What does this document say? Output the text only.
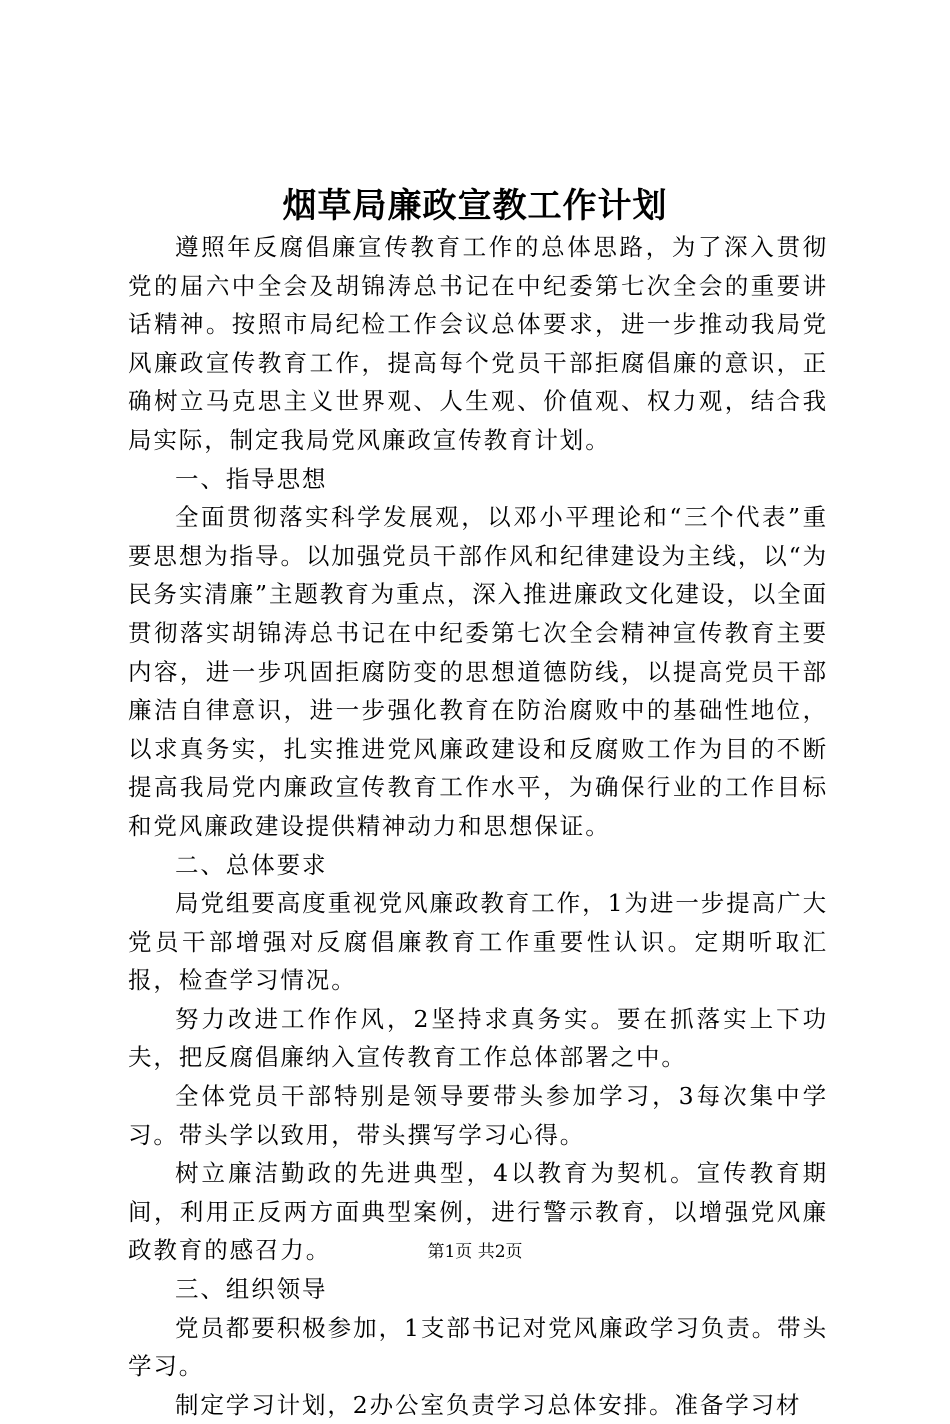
烟草局廉政宣教工作计划

遵照年反腐倡廉宣传教育工作的总体思路，为了深入贯彻党的届六中全会及胡锦涛总书记在中纪委第七次全会的重要讲话精神。按照市局纪检工作会议总体要求，进一步推动我局党风廉政宣传教育工作，提高每个党员干部拒腐倡廉的意识，正确树立马克思主义世界观、人生观、价值观、权力观，结合我局实际，制定我局党风廉政宣传教育计划。

一、指导思想

全面贯彻落实科学发展观，以邓小平理论和“三个代表”重要思想为指导。以加强党员干部作风和纪律建设为主线，以“为民务实清廉”主题教育为重点，深入推进廉政文化建设，以全面贯彻落实胡锦涛总书记在中纪委第七次全会精神宣传教育主要内容，进一步巩固拒腐防变的思想道德防线，以提高党员干部廉洁自律意识，进一步强化教育在防治腐败中的基础性地位，以求真务实，扎实推进党风廉政建设和反腐败工作为目的不断提高我局党内廉政宣传教育工作水平，为确保行业的工作目标和党风廉政建设提供精神动力和思想保证。

二、总体要求

局党组要高度重视党风廉政教育工作，1为进一步提高广大党员干部增强对反腐倡廉教育工作重要性认识。定期听取汇报，检查学习情况。

努力改进工作作风，2坚持求真务实。要在抓落实上下功夫，把反腐倡廉纳入宣传教育工作总体部署之中。

全体党员干部特别是领导要带头参加学习，3每次集中学习。带头学以致用，带头撰写学习心得。

树立廉洁勤政的先进典型，4以教育为契机。宣传教育期间，利用正反两方面典型案例，进行警示教育，以增强党风廉政教育的感召力。

三、组织领导

党员都要积极参加，1支部书记对党风廉政学习负责。带头学习。

制定学习计划，2办公室负责学习总体安排。准备学习材

第1页 共2页
